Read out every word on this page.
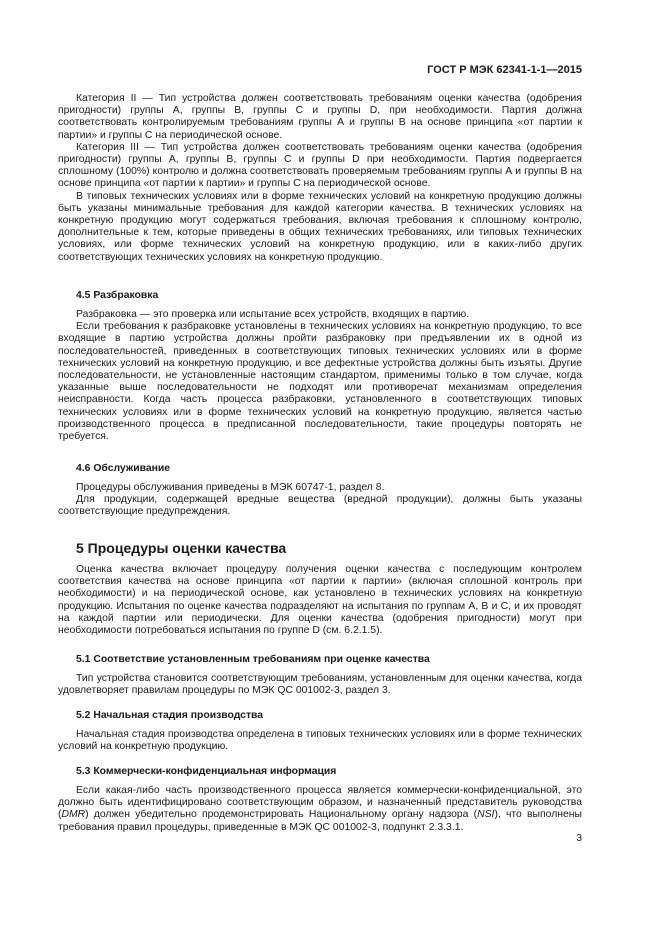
ГОСТ Р МЭК 62341-1-1—2015

Категория II — Тип устройства должен соответствовать требованиям оценки качества (одобрения пригодности) группы А, группы В, группы С и группы D, при необходимости. Партия должна соответствовать контролируемым требованиям группы А и группы В на основе принципа «от партии к партии» и группы С на периодической основе.

Категория III — Тип устройства должен соответствовать требованиям оценки качества (одобрения пригодности) группы А, группы В, группы С и группы D при необходимости. Партия подвергается сплошному (100%) контролю и должна соответствовать проверяемым требованиям группы А и группы В на основе принципа «от партии к партии» и группы С на периодической основе.

В типовых технических условиях или в форме технических условий на конкретную продукцию должны быть указаны минимальные требования для каждой категории качества. В технических условиях на конкретную продукцию могут содержаться требования, включая требования к сплошному контролю, дополнительные к тем, которые приведены в общих технических требованиях, или типовых технических условиях, или форме технических условий на конкретную продукцию, или в каких-либо других соответствующих технических условиях на конкретную продукцию.

4.5 Разбраковка

Разбраковка — это проверка или испытание всех устройств, входящих в партию.

Если требования к разбраковке установлены в технических условиях на конкретную продукцию, то все входящие в партию устройства должны пройти разбраковку при предъявлении их в одной из последовательностей, приведенных в соответствующих типовых технических условиях или в форме технических условий на конкретную продукцию, и все дефектные устройства должны быть изъяты. Другие последовательности, не установленные настоящим стандартом, применимы только в том случае, когда указанные выше последовательности не подходят или противоречат механизмам определения неисправности. Когда часть процесса разбраковки, установленного в соответствующих типовых технических условиях или в форме технических условий на конкретную продукцию, является частью производственного процесса в предписанной последовательности, такие процедуры повторять не требуется.

4.6 Обслуживание

Процедуры обслуживания приведены в МЭК 60747-1, раздел 8.

Для продукции, содержащей вредные вещества (вредной продукции), должны быть указаны соответствующие предупреждения.

5 Процедуры оценки качества

Оценка качества включает процедуру получения оценки качества с последующим контролем соответствия качества на основе принципа «от партии к партии» (включая сплошной контроль при необходимости) и на периодической основе, как установлено в технических условиях на конкретную продукцию. Испытания по оценке качества подразделяют на испытания по группам А, В и С, и их проводят на каждой партии или периодически. Для оценки качества (одобрения пригодности) могут при необходимости потребоваться испытания по группе D (см. 6.2.1.5).

5.1 Соответствие установленным требованиям при оценке качества

Тип устройства становится соответствующим требованиям, установленным для оценки качества, когда удовлетворяет правилам процедуры по МЭК QC 001002-3, раздел 3.

5.2 Начальная стадия производства

Начальная стадия производства определена в типовых технических условиях или в форме технических условий на конкретную продукцию.

5.3 Коммерчески-конфиденциальная информация

Если какая-либо часть производственного процесса является коммерчески-конфиденциальной, это должно быть идентифицировано соответствующим образом, и назначенный представитель руководства (DMR) должен убедительно продемонстрировать Национальному органу надзора (NSI), что выполнены требования правил процедуры, приведенные в МЭК QC 001002-3, подпункт 2.3.3.1.

3
